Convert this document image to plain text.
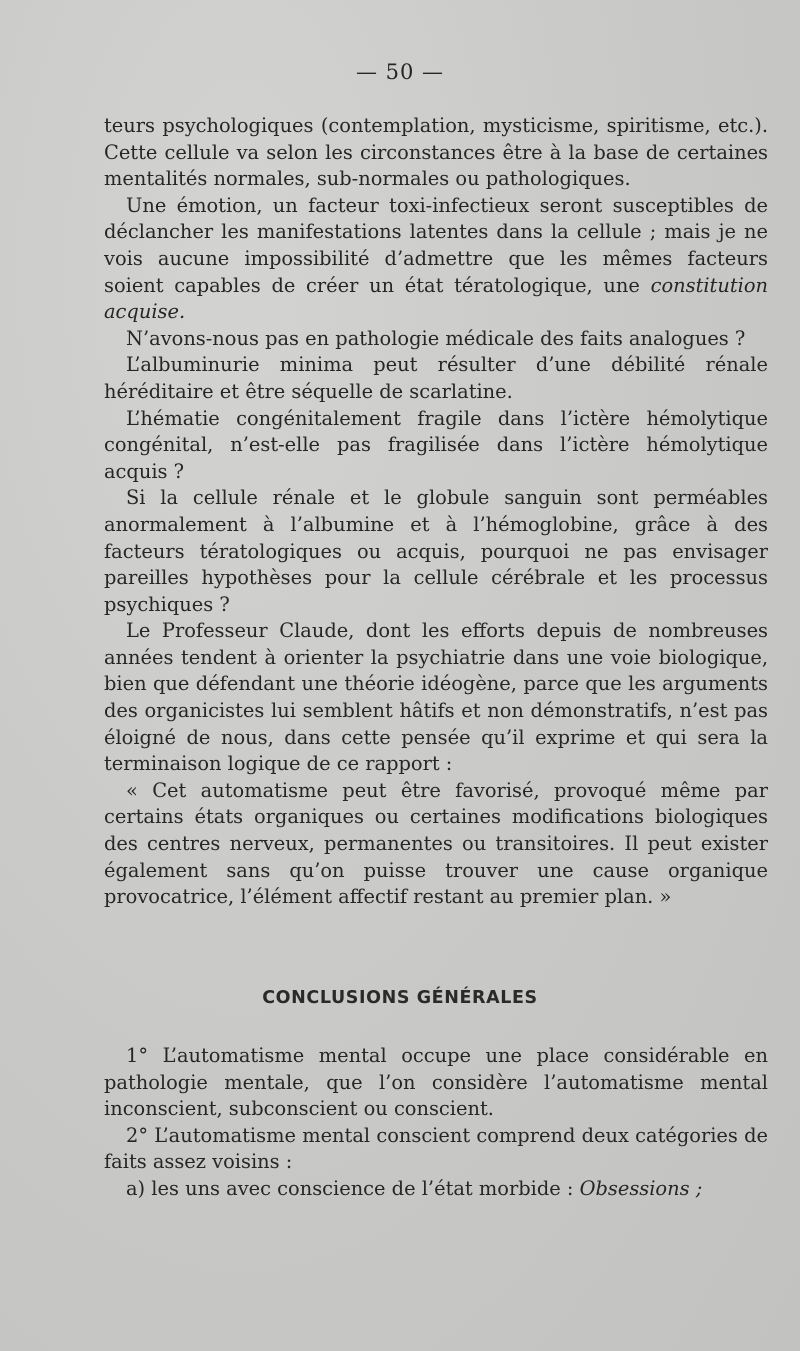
— 50 —

teurs psychologiques (contemplation, mysticisme, spiritisme, etc.). Cette cellule va selon les circonstances être à la base de certaines mentalités normales, sub-normales ou pathologiques.

Une émotion, un facteur toxi-infectieux seront susceptibles de déclancher les manifestations latentes dans la cellule ; mais je ne vois aucune impossibilité d’admettre que les mêmes facteurs soient capables de créer un état tératologique, une constitution acquise.

N’avons-nous pas en pathologie médicale des faits analogues ?

L’albuminurie minima peut résulter d’une débilité rénale héréditaire et être séquelle de scarlatine.

L’hématie congénitalement fragile dans l’ictère hémolytique congénital, n’est-elle pas fragilisée dans l’ictère hémolytique acquis ?

Si la cellule rénale et le globule sanguin sont perméables anormalement à l’albumine et à l’hémoglobine, grâce à des facteurs tératologiques ou acquis, pourquoi ne pas envisager pareilles hypothèses pour la cellule cérébrale et les processus psychiques ?

Le Professeur Claude, dont les efforts depuis de nombreuses années tendent à orienter la psychiatrie dans une voie biologique, bien que défendant une théorie idéogène, parce que les arguments des organicistes lui semblent hâtifs et non démonstratifs, n’est pas éloigné de nous, dans cette pensée qu’il exprime et qui sera la terminaison logique de ce rapport :

« Cet automatisme peut être favorisé, provoqué même par certains états organiques ou certaines modifications biologiques des centres nerveux, permanentes ou transitoires. Il peut exister également sans qu’on puisse trouver une cause organique provocatrice, l’élément affectif restant au premier plan. »

CONCLUSIONS GÉNÉRALES

1° L’automatisme mental occupe une place considérable en pathologie mentale, que l’on considère l’automatisme mental inconscient, subconscient ou conscient.

2° L’automatisme mental conscient comprend deux catégories de faits assez voisins :

a) les uns avec conscience de l’état morbide : Obsessions ;
